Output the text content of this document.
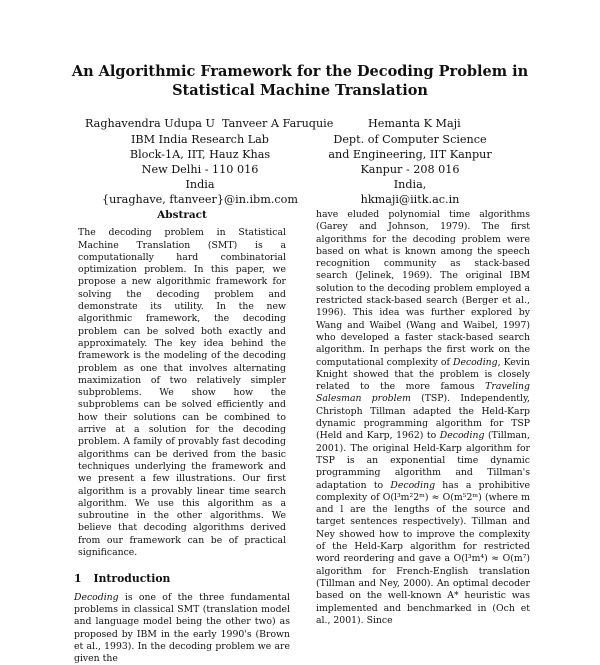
An Algorithmic Framework for the Decoding Problem in
Statistical Machine Translation
Raghavendra Udupa U Tanveer A Faruquie	Hemanta K Maji
IBM India Research Lab
Block-1A, IIT, Hauz Khas
New Delhi - 110 016
India
{uraghave, ftanveer}@in.ibm.com
Dept. of Computer Science
and Engineering, IIT Kanpur
Kanpur - 208 016
India,
hkmaji@iitk.ac.in
Abstract

The decoding problem in Statistical Machine Translation (SMT) is a computationally hard combinatorial optimization problem. In this paper, we propose a new algorithmic framework for solving the decoding problem and demonstrate its utility. In the new algorithmic framework, the decoding problem can be solved both exactly and approximately. The key idea behind the framework is the modeling of the decoding problem as one that involves alternating maximization of two relatively simpler subproblems. We show how the subproblems can be solved efficiently and how their solutions can be combined to arrive at a solution for the decoding problem. A family of provably fast decoding algorithms can be derived from the basic techniques underlying the framework and we present a few illustrations. Our first algorithm is a provably linear time search algorithm. We use this algorithm as a subroutine in the other algorithms. We believe that decoding algorithms derived from our framework can be of practical significance.

1 Introduction

Decoding is one of the three fundamental problems in classical SMT (translation model and language model being the other two) as proposed by IBM in the early 1990's (Brown et al., 1993). In the decoding problem we are given the

have eluded polynomial time algorithms (Garey and Johnson, 1979). The first algorithms for the decoding problem were based on what is known among the speech recognition community as stack-based search (Jelinek, 1969). The original IBM solution to the decoding problem employed a restricted stack-based search (Berger et al., 1996). This idea was further explored by Wang and Waibel (Wang and Waibel, 1997) who developed a faster stack-based search algorithm. In perhaps the first work on the computational complexity of Decoding, Kevin Knight showed that the problem is closely related to the more famous Traveling Salesman problem (TSP). Independently, Christoph Tillman adapted the Held-Karp dynamic programming algorithm for TSP (Held and Karp, 1962) to Decoding (Tillman, 2001). The original Held-Karp algorithm for TSP is an exponential time dynamic programming algorithm and Tillman's adaptation to Decoding has a prohibitive complexity of O(l³m²2ᵐ) ≈ O(m⁵2ᵐ) (where m and l are the lengths of the source and target sentences respectively). Tillman and Ney showed how to improve the complexity of the Held-Karp algorithm for restricted word reordering and gave a O(l³m⁴) ≈ O(m⁷) algorithm for French-English translation (Tillman and Ney, 2000). An optimal decoder based on the well-known A* heuristic was implemented and benchmarked in (Och et al., 2001). Since
